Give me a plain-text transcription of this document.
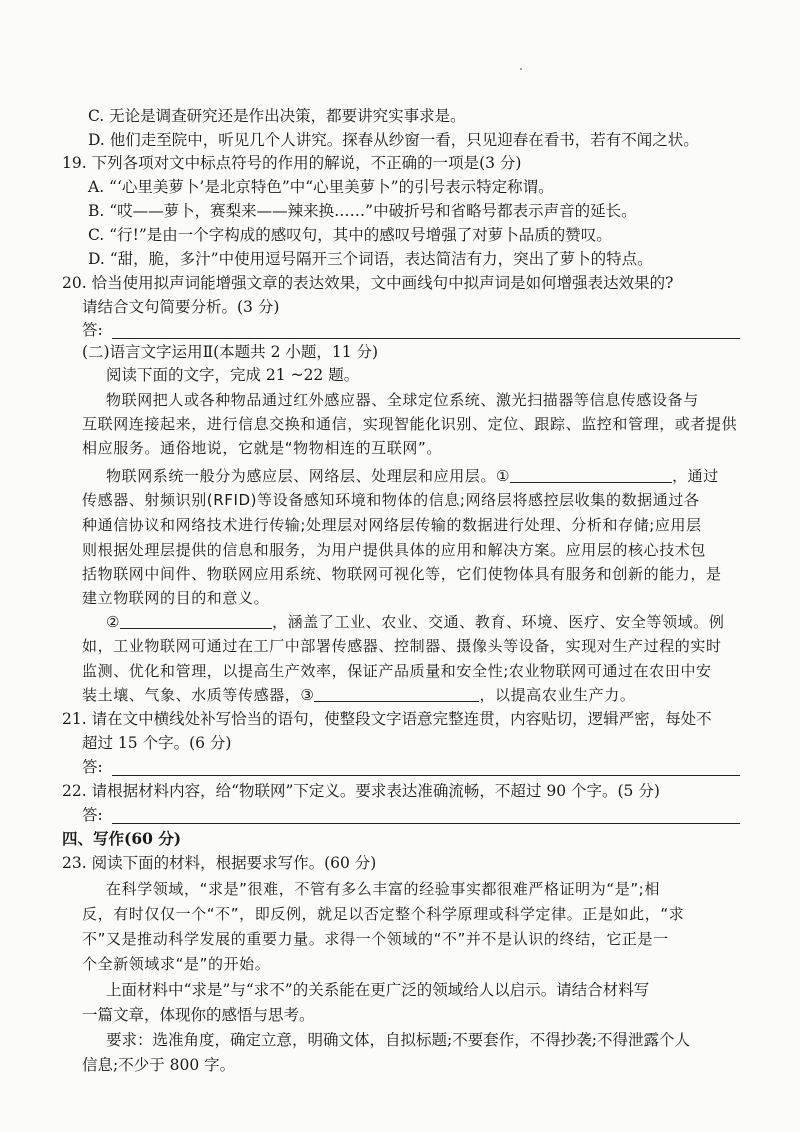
C. 无论是调查研究还是作出决策，都要讲究实事求是。
D. 他们走至院中，听见几个人讲究。探春从纱窗一看，只见迎春在看书，若有不闻之状。
19. 下列各项对文中标点符号的作用的解说，不正确的一项是(3 分)
A. “‘心里美萝卜’是北京特色”中“心里美萝卜”的引号表示特定称谓。
B. “哎——萝卜，赛梨来——辣来换……”中破折号和省略号都表示声音的延长。
C. “行!”是由一个字构成的感叹句，其中的感叹号增强了对萝卜品质的赞叹。
D. “甜，脆，多汁”中使用逗号隔开三个词语，表达简洁有力，突出了萝卜的特点。
20. 恰当使用拟声词能增强文章的表达效果，文中画线句中拟声词是如何增强表达效果的?
请结合文句简要分析。(3 分)
答:
(二)语言文字运用Ⅱ(本题共 2 小题，11 分)
阅读下面的文字，完成 21 ~22 题。
物联网把人或各种物品通过红外感应器、全球定位系统、激光扫描器等信息传感设备与
互联网连接起来，进行信息交换和通信，实现智能化识别、定位、跟踪、监控和管理，或者提供
相应服务。通俗地说，它就是“物物相连的互联网”。
物联网系统一般分为感应层、网络层、处理层和应用层。①	，通过
传感器、射频识别(RFID)等设备感知环境和物体的信息;网络层将感控层收集的数据通过各
种通信协议和网络技术进行传输;处理层对网络层传输的数据进行处理、分析和存储;应用层
则根据处理层提供的信息和服务，为用户提供具体的应用和解决方案。应用层的核心技术包
括物联网中间件、物联网应用系统、物联网可视化等，它们使物体具有服务和创新的能力，是
建立物联网的目的和意义。
②	，涵盖了工业、农业、交通、教育、环境、医疗、安全等领域。例
如，工业物联网可通过在工厂中部署传感器、控制器、摄像头等设备，实现对生产过程的实时
监测、优化和管理，以提高生产效率，保证产品质量和安全性;农业物联网可通过在农田中安
装土壤、气象、水质等传感器，③	，以提高农业生产力。
21. 请在文中横线处补写恰当的语句，使整段文字语意完整连贯，内容贴切，逻辑严密，每处不
超过 15 个字。(6 分)
答:
22. 请根据材料内容，给“物联网”下定义。要求表达准确流畅，不超过 90 个字。(5 分)
答:
四、写作(60 分)
23. 阅读下面的材料，根据要求写作。(60 分)
在科学领域，“求是”很难，不管有多么丰富的经验事实都很难严格证明为“是”;相
反，有时仅仅一个“不”，即反例，就足以否定整个科学原理或科学定律。正是如此，“求
不”又是推动科学发展的重要力量。求得一个领域的“不”并不是认识的终结，它正是一
个全新领域求“是”的开始。
上面材料中“求是”与“求不”的关系能在更广泛的领域给人以启示。请结合材料写
一篇文章，体现你的感悟与思考。
要求：选准角度，确定立意，明确文体，自拟标题;不要套作，不得抄袭;不得泄露个人
信息;不少于 800 字。
